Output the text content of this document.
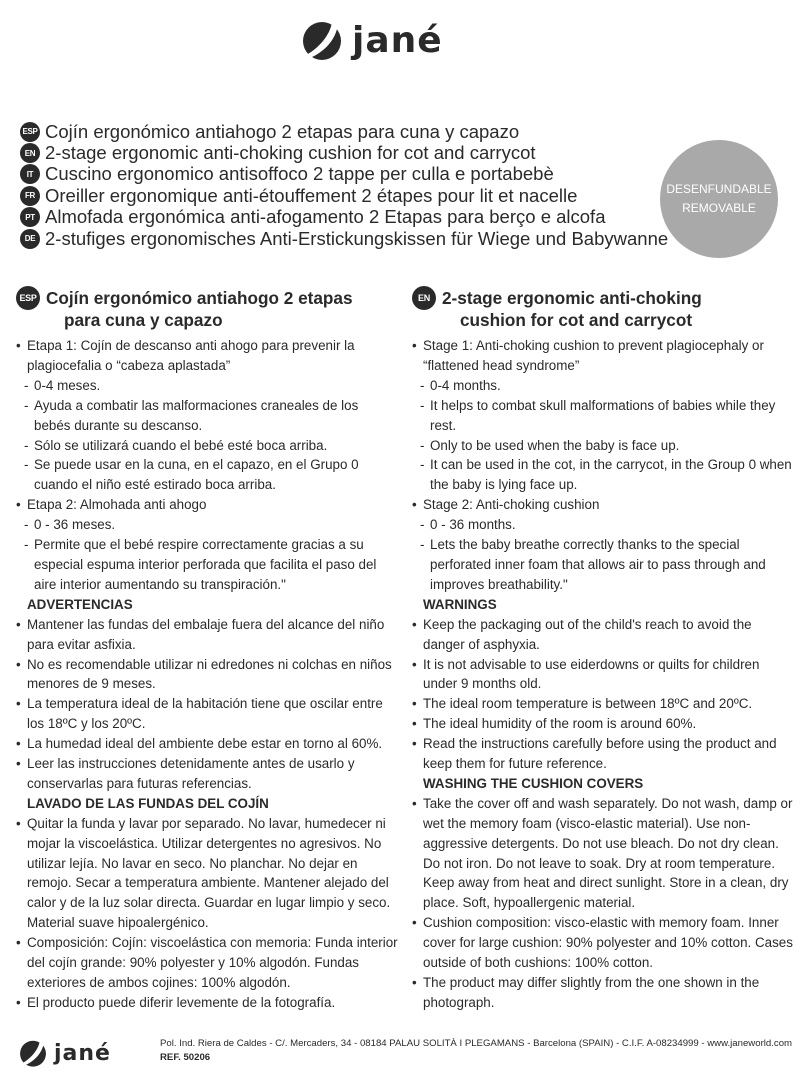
jané
ESP Cojín ergonómico antiahogo 2 etapas para cuna y capazo
EN 2-stage ergonomic anti-choking cushion for cot and carrycot
IT Cuscino ergonomico antisoffoco 2 tappe per culla e portabebè
FR Oreiller ergonomique anti-étouffement 2 étapes pour lit et nacelle
PT Almofada ergonómica anti-afogamento 2 Etapas para berço e alcofa
DE 2-stufiges ergonomisches Anti-Erstickungskissen für Wiege und Babywanne
DESENFUNDABLE
REMOVABLE
ESP Cojín ergonómico antiahogo 2 etapas
para cuna y capazo
• Etapa 1: Cojín de descanso anti ahogo para prevenir la plagiocefalia o “cabeza aplastada”
- 0-4 meses.
- Ayuda a combatir las malformaciones craneales de los bebés durante su descanso.
- Sólo se utilizará cuando el bebé esté boca arriba.
- Se puede usar en la cuna, en el capazo, en el Grupo 0 cuando el niño esté estirado boca arriba.
• Etapa 2: Almohada anti ahogo
- 0 - 36 meses.
- Permite que el bebé respire correctamente gracias a su especial espuma interior perforada que facilita el paso del aire interior aumentando su transpiración."
ADVERTENCIAS
• Mantener las fundas del embalaje fuera del alcance del niño para evitar asfixia.
• No es recomendable utilizar ni edredones ni colchas en niños menores de 9 meses.
• La temperatura ideal de la habitación tiene que oscilar entre los 18ºC y los 20ºC.
• La humedad ideal del ambiente debe estar en torno al 60%.
• Leer las instrucciones detenidamente antes de usarlo y conservarlas para futuras referencias.
LAVADO DE LAS FUNDAS DEL COJÍN
• Quitar la funda y lavar por separado. No lavar, humedecer ni mojar la viscoelástica. Utilizar detergentes no agresivos. No utilizar lejía. No lavar en seco. No planchar. No dejar en remojo. Secar a temperatura ambiente. Mantener alejado del calor y de la luz solar directa. Guardar en lugar limpio y seco. Material suave hipoalergénico.
• Composición: Cojín: viscoelástica con memoria: Funda interior del cojín grande: 90% polyester y 10% algodón. Fundas exteriores de ambos cojines: 100% algodón.
• El producto puede diferir levemente de la fotografía.
EN 2-stage ergonomic anti-choking
cushion for cot and carrycot
• Stage 1: Anti-choking cushion to prevent plagiocephaly or “flattened head syndrome”
- 0-4 months.
- It helps to combat skull malformations of babies while they rest.
- Only to be used when the baby is face up.
- It can be used in the cot, in the carrycot, in the Group 0 when the baby is lying face up.
• Stage 2: Anti-choking cushion
- 0 - 36 months.
- Lets the baby breathe correctly thanks to the special perforated inner foam that allows air to pass through and improves breathability."
WARNINGS
• Keep the packaging out of the child's reach to avoid the danger of asphyxia.
• It is not advisable to use eiderdowns or quilts for children under 9 months old.
• The ideal room temperature is between 18ºC and 20ºC.
• The ideal humidity of the room is around 60%.
• Read the instructions carefully before using the product and keep them for future reference.
WASHING THE CUSHION COVERS
• Take the cover off and wash separately. Do not wash, damp or wet the memory foam (visco-elastic material). Use non-aggressive detergents. Do not use bleach. Do not dry clean. Do not iron. Do not leave to soak. Dry at room temperature. Keep away from heat and direct sunlight. Store in a clean, dry place. Soft, hypoallergenic material.
• Cushion composition: visco-elastic with memory foam. Inner cover for large cushion: 90% polyester and 10% cotton. Cases outside of both cushions: 100% cotton.
• The product may differ slightly from the one shown in the photograph.
jané	Pol. Ind. Riera de Caldes - C/. Mercaders, 34 - 08184 PALAU SOLITÀ I PLEGAMANS - Barcelona (SPAIN) - C.I.F. A-08234999 - www.janeworld.com
REF. 50206
